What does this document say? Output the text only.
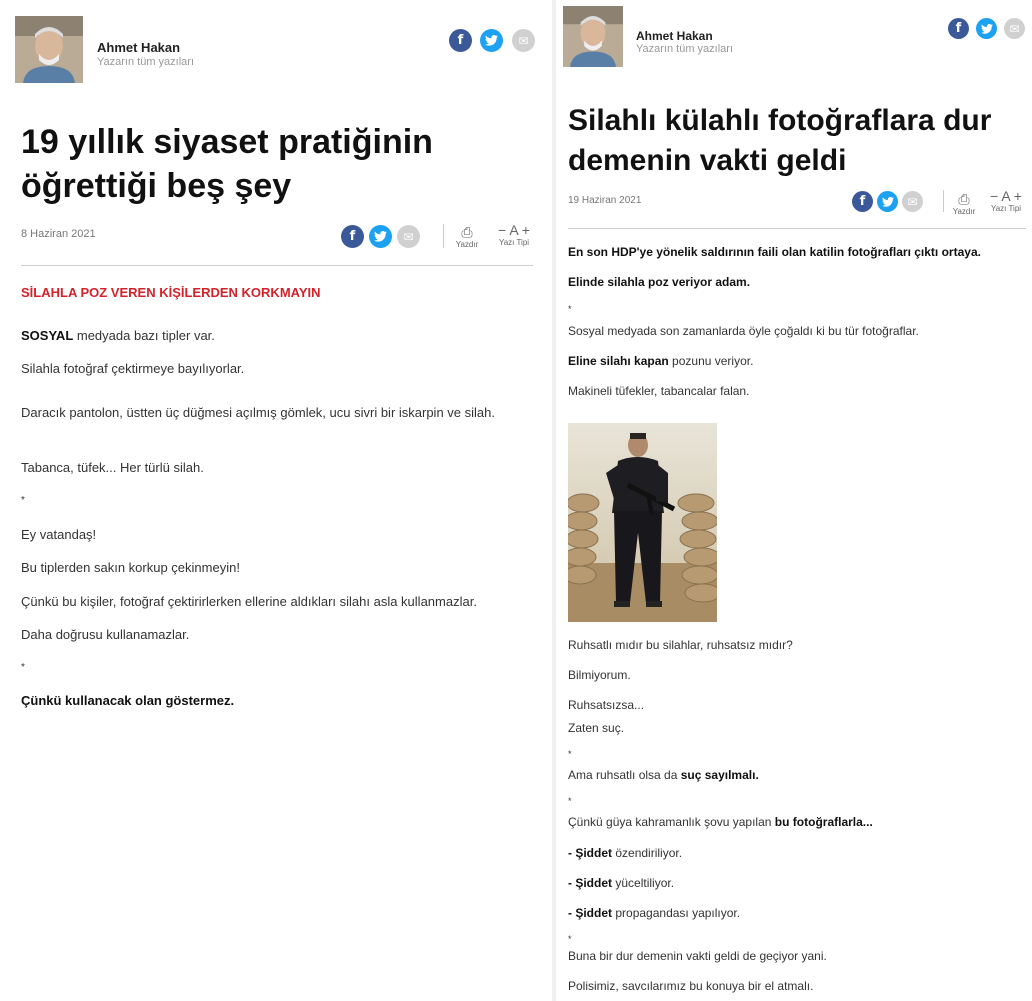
Ahmet Hakan
Yazarın tüm yazıları
f	✉
19 yıllık siyaset pratiğinin
öğrettiği beş şey
8 Haziran 2021	f	✉	⎙
Yazdır
− A +
Yazı Tipi

SİLAHLA POZ VEREN KİŞİLERDEN KORKMAYIN

SOSYAL medyada bazı tipler var.

Silahla fotoğraf çektirmeye bayılıyorlar.

Daracık pantolon, üstten üç düğmesi açılmış gömlek, ucu sivri bir iskarpin ve silah.

Tabanca, tüfek... Her türlü silah.

*

Ey vatandaş!

Bu tiplerden sakın korkup çekinmeyin!

Çünkü bu kişiler, fotoğraf çektirirlerken ellerine aldıkları silahı asla kullanmazlar.

Daha doğrusu kullanamazlar.

*

Çünkü kullanacak olan göstermez.

Ahmet Hakan
Yazarın tüm yazıları
f	✉
Silahlı külahlı fotoğraflara dur
demenin vakti geldi
19 Haziran 2021	f	✉	⎙
Yazdır
− A +
Yazı Tipi

En son HDP'ye yönelik saldırının faili olan katilin fotoğrafları çıktı ortaya.

Elinde silahla poz veriyor adam.

*

Sosyal medyada son zamanlarda öyle çoğaldı ki bu tür fotoğraflar.

Eline silahı kapan pozunu veriyor.

Makineli tüfekler, tabancalar falan.

Ruhsatlı mıdır bu silahlar, ruhsatsız mıdır?

Bilmiyorum.

Ruhsatsızsa...

Zaten suç.

*

Ama ruhsatlı olsa da suç sayılmalı.

*

Çünkü güya kahramanlık şovu yapılan bu fotoğraflarla...

- Şiddet özendiriliyor.

- Şiddet yüceltiliyor.

- Şiddet propagandası yapılıyor.

*

Buna bir dur demenin vakti geldi de geçiyor yani.

Polisimiz, savcılarımız bu konuya bir el atmalı.
